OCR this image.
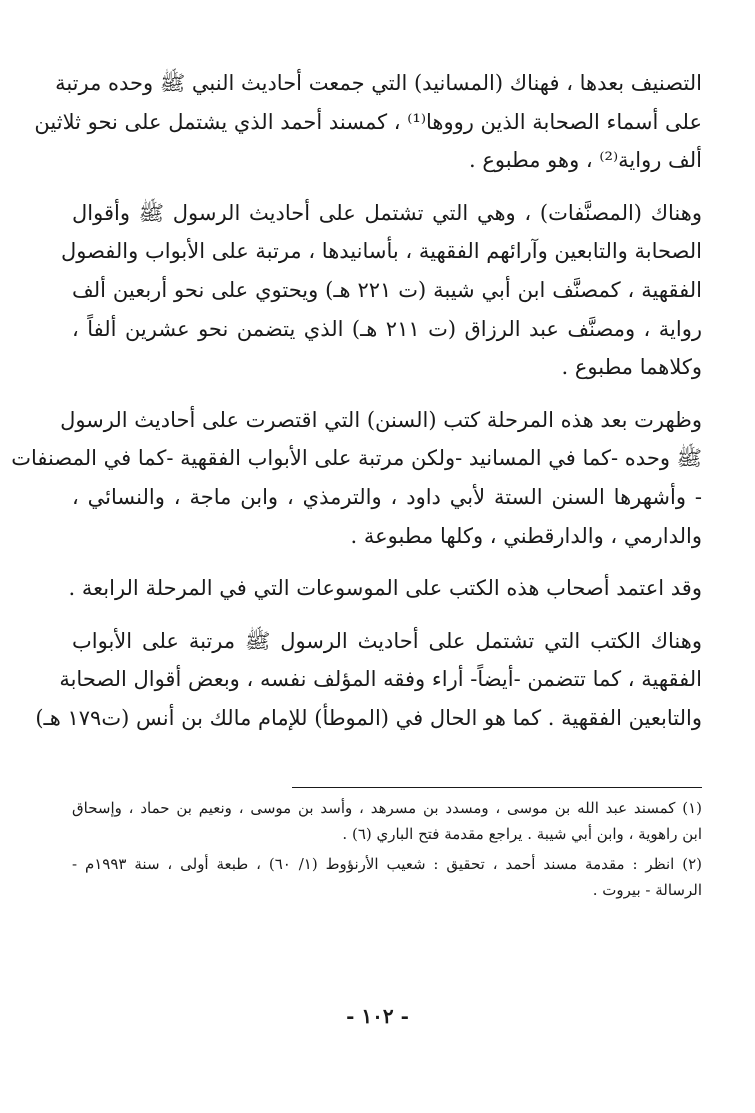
التصنيف بعدها ، فهناك (المسانيد) التي جمعت أحاديث النبي ﷺ وحده مرتبة
على أسماء الصحابة الذين رووها⁽¹⁾ ، كمسند أحمد الذي يشتمل على نحو ثلاثين
ألف رواية⁽²⁾ ، وهو مطبوع .

وهناك (المصنَّفات) ، وهي التي تشتمل على أحاديث الرسول ﷺ وأقوال
الصحابة والتابعين وآرائهم الفقهية ، بأسانيدها ، مرتبة على الأبواب والفصول
الفقهية ، كمصنَّف ابن أبي شيبة (ت ٢٢١ هـ) ويحتوي على نحو أربعين ألف
رواية ، ومصنَّف عبد الرزاق (ت ٢١١ هـ) الذي يتضمن نحو عشرين ألفاً ،
وكلاهما مطبوع .

وظهرت بعد هذه المرحلة كتب (السنن) التي اقتصرت على أحاديث الرسول
ﷺ وحده -كما في المسانيد -ولكن مرتبة على الأبواب الفقهية -كما في المصنفات
- وأشهرها السنن الستة لأبي داود ، والترمذي ، وابن ماجة ، والنسائي ،
والدارمي ، والدارقطني ، وكلها مطبوعة .

وقد اعتمد أصحاب هذه الكتب على الموسوعات التي في المرحلة الرابعة .

وهناك الكتب التي تشتمل على أحاديث الرسول ﷺ مرتبة على الأبواب
الفقهية ، كما تتضمن -أيضاً- أراء وفقه المؤلف نفسه ، وبعض أقوال الصحابة
والتابعين الفقهية . كما هو الحال في (الموطأ) للإمام مالك بن أنس (ت١٧٩ هـ)

(١) كمسند عبد الله بن موسى ، ومسدد بن مسرهد ، وأسد بن موسى ، ونعيم بن حماد ، وإسحاق
ابن راهوية ، وابن أبي شيبة . يراجع مقدمة فتح الباري (٦) .

(٢) انظر : مقدمة مسند أحمد ، تحقيق : شعيب الأرنؤوط (١/ ٦٠) ، طبعة أولى ، سنة ١٩٩٣م -
الرسالة - بيروت .

- ١٠٢ -
